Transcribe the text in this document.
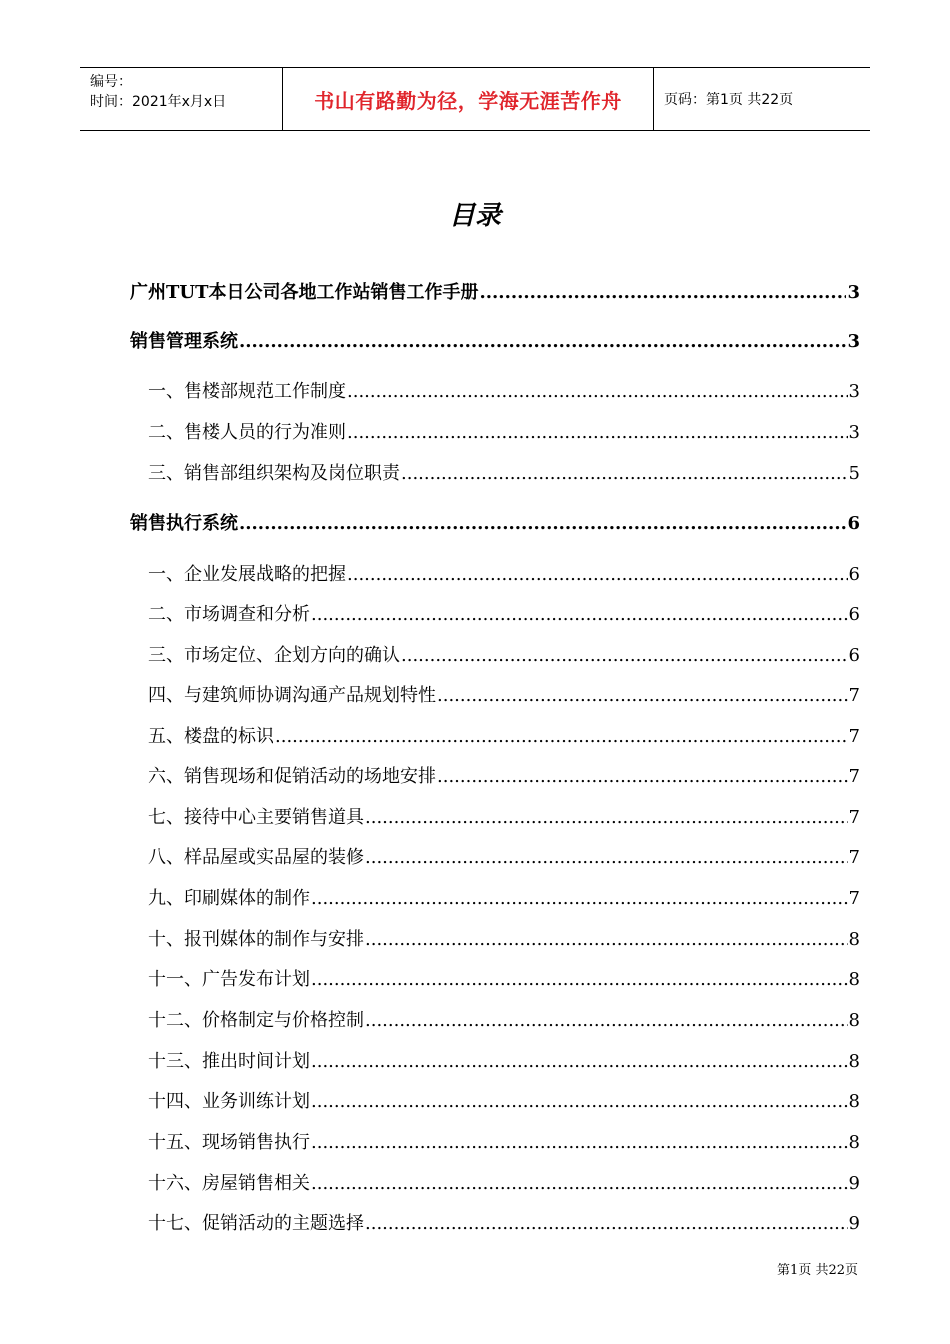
编号：
时间：2021年x月x日	书山有路勤为径，学海无涯苦作舟	页码：第1页 共22页
目录
广州TUT本日公司各地工作站销售工作手册 .....	3
销售管理系统 .....	3
一、售楼部规范工作制度 .....	3
二、售楼人员的行为准则 .....	3
三、销售部组织架构及岗位职责 .....	5
销售执行系统 .....	6
一、企业发展战略的把握 .....	6
二、市场调查和分析 .....	6
三、市场定位、企划方向的确认 .....	6
四、与建筑师协调沟通产品规划特性 .....	7
五、楼盘的标识 .....	7
六、销售现场和促销活动的场地安排 .....	7
七、接待中心主要销售道具 .....	7
八、样品屋或实品屋的装修 .....	7
九、印刷媒体的制作 .....	7
十、报刊媒体的制作与安排 .....	8
十一、广告发布计划 .....	8
十二、价格制定与价格控制 .....	8
十三、推出时间计划 .....	8
十四、业务训练计划 .....	8
十五、现场销售执行 .....	8
十六、房屋销售相关 .....	9
十七、促销活动的主题选择 .....	9
第1页 共22页
